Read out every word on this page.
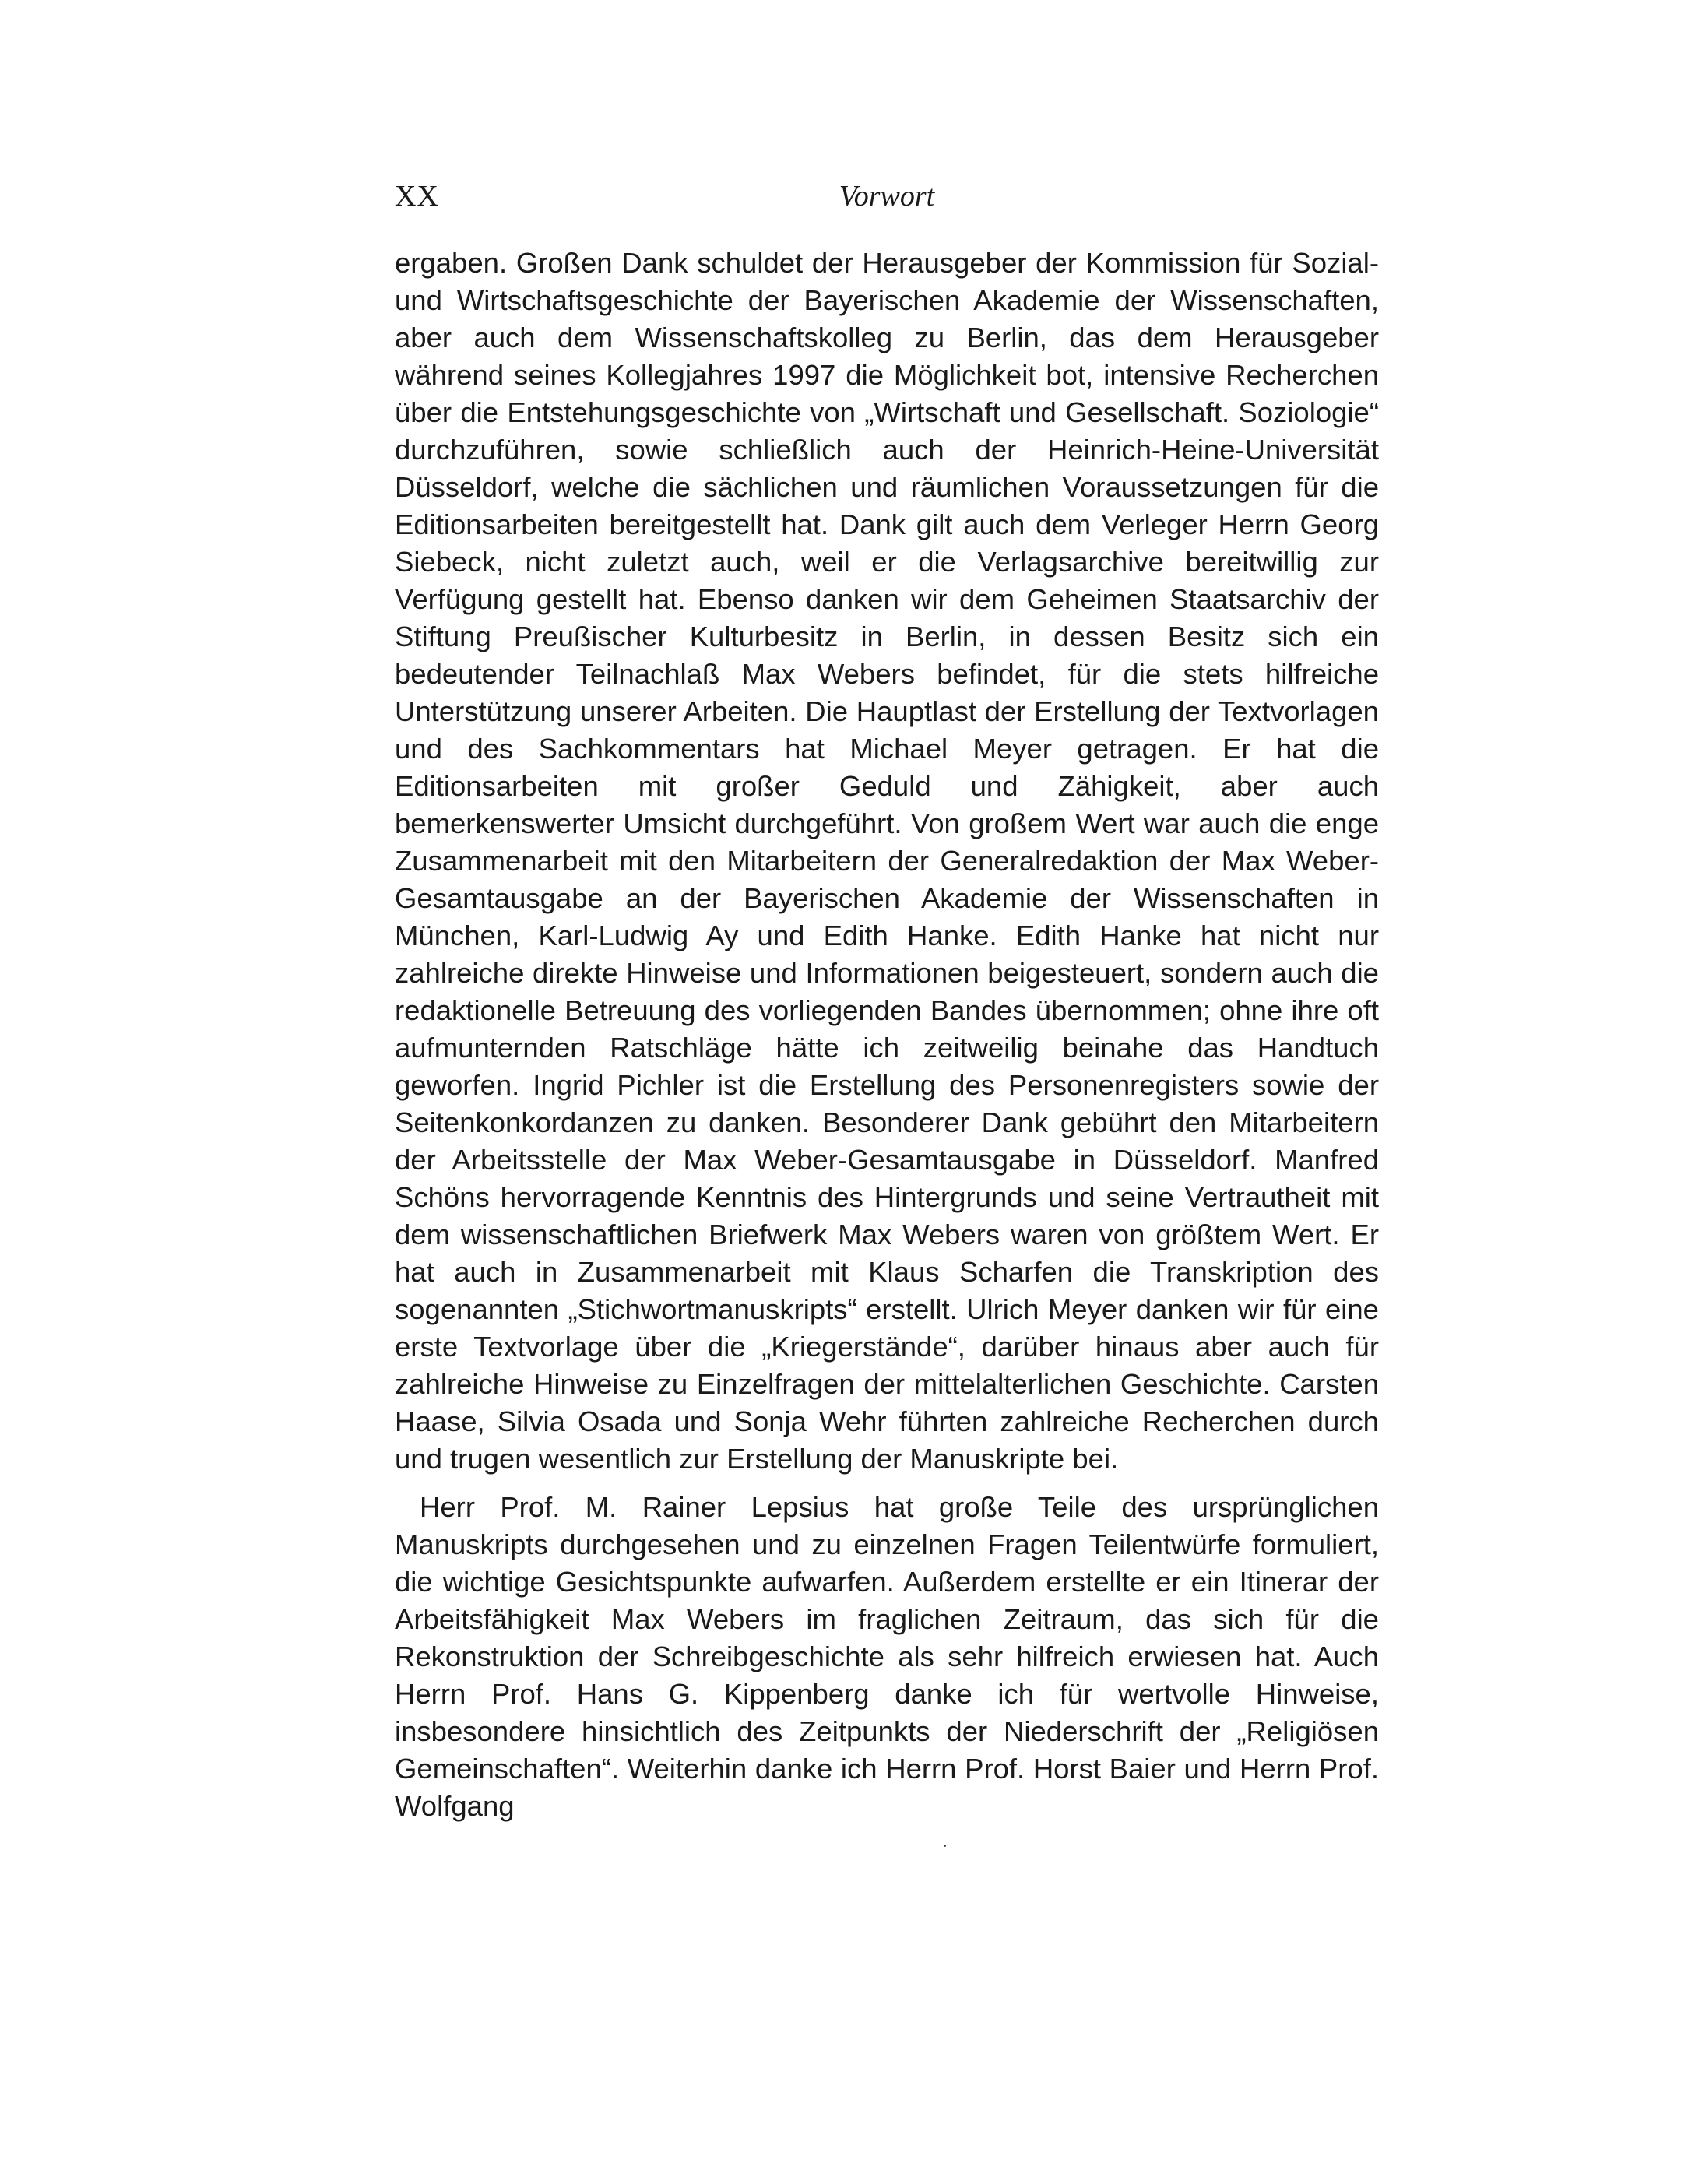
XX	Vorwort

ergaben. Großen Dank schuldet der Herausgeber der Kommission für Sozial- und Wirtschaftsgeschichte der Bayerischen Akademie der Wissenschaften, aber auch dem Wissenschaftskolleg zu Berlin, das dem Herausgeber während seines Kollegjahres 1997 die Möglichkeit bot, intensive Recherchen über die Entstehungsgeschichte von „Wirtschaft und Gesellschaft. Soziologie“ durchzuführen, sowie schließlich auch der Heinrich-Heine-Universität Düsseldorf, welche die sächlichen und räumlichen Voraussetzungen für die Editionsarbeiten bereitgestellt hat. Dank gilt auch dem Verleger Herrn Georg Siebeck, nicht zuletzt auch, weil er die Verlagsarchive bereitwillig zur Verfügung gestellt hat. Ebenso danken wir dem Geheimen Staatsarchiv der Stiftung Preußischer Kulturbesitz in Berlin, in dessen Besitz sich ein bedeutender Teilnachlaß Max Webers befindet, für die stets hilfreiche Unterstützung unserer Arbeiten. Die Hauptlast der Erstellung der Textvorlagen und des Sachkommentars hat Michael Meyer getragen. Er hat die Editionsarbeiten mit großer Geduld und Zähigkeit, aber auch bemerkenswerter Umsicht durchgeführt. Von großem Wert war auch die enge Zusammenarbeit mit den Mitarbeitern der Generalredaktion der Max Weber-Gesamtausgabe an der Bayerischen Akademie der Wissenschaften in München, Karl-Ludwig Ay und Edith Hanke. Edith Hanke hat nicht nur zahlreiche direkte Hinweise und Informationen beigesteuert, sondern auch die redaktionelle Betreuung des vorliegenden Bandes übernommen; ohne ihre oft aufmunternden Ratschläge hätte ich zeitweilig beinahe das Handtuch geworfen. Ingrid Pichler ist die Erstellung des Personenregisters sowie der Seitenkonkordanzen zu danken. Besonderer Dank gebührt den Mitarbeitern der Arbeitsstelle der Max Weber-Gesamtausgabe in Düsseldorf. Manfred Schöns hervorragende Kenntnis des Hintergrunds und seine Vertrautheit mit dem wissenschaftlichen Briefwerk Max Webers waren von größtem Wert. Er hat auch in Zusammenarbeit mit Klaus Scharfen die Transkription des sogenannten „Stichwortmanuskripts“ erstellt. Ulrich Meyer danken wir für eine erste Textvorlage über die „Kriegerstände“, darüber hinaus aber auch für zahlreiche Hinweise zu Einzelfragen der mittelalterlichen Geschichte. Carsten Haase, Silvia Osada und Sonja Wehr führten zahlreiche Recherchen durch und trugen wesentlich zur Erstellung der Manuskripte bei.

Herr Prof. M. Rainer Lepsius hat große Teile des ursprünglichen Manuskripts durchgesehen und zu einzelnen Fragen Teilentwürfe formuliert, die wichtige Gesichtspunkte aufwarfen. Außerdem erstellte er ein Itinerar der Arbeitsfähigkeit Max Webers im fraglichen Zeitraum, das sich für die Rekonstruktion der Schreibgeschichte als sehr hilfreich erwiesen hat. Auch Herrn Prof. Hans G. Kippenberg danke ich für wertvolle Hinweise, insbesondere hinsichtlich des Zeitpunkts der Niederschrift der „Religiösen Gemeinschaften“. Weiterhin danke ich Herrn Prof. Horst Baier und Herrn Prof. Wolfgang
